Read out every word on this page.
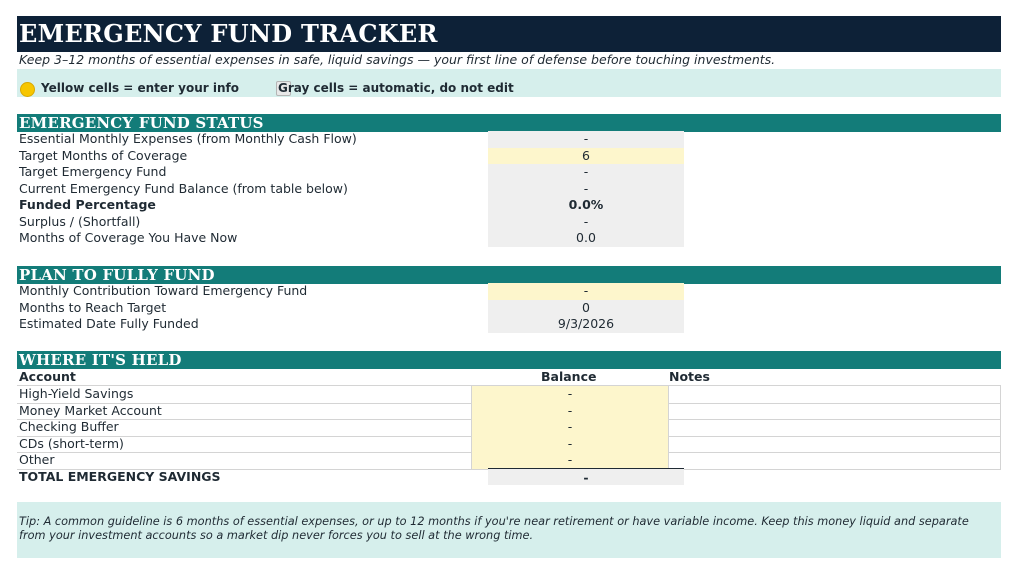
EMERGENCY FUND TRACKER
Keep 3–12 months of essential expenses in safe, liquid savings — your first line of defense before touching investments.
Yellow cells = enter your info	Gray cells = automatic, do not edit
EMERGENCY FUND STATUS
Essential Monthly Expenses (from Monthly Cash Flow)	-
Target Months of Coverage	6
Target Emergency Fund	-
Current Emergency Fund Balance (from table below)	-
Funded Percentage	0.0%
Surplus / (Shortfall)	-
Months of Coverage You Have Now	0.0
PLAN TO FULLY FUND
Monthly Contribution Toward Emergency Fund	-
Months to Reach Target	0
Estimated Date Fully Funded	9/3/2026
WHERE IT'S HELD
Account	Balance	Notes
High-Yield Savings	-
Money Market Account	-
Checking Buffer	-
CDs (short-term)	-
Other	-
TOTAL EMERGENCY SAVINGS	-

Tip: A common guideline is 6 months of essential expenses, or up to 12 months if you're near retirement or have variable income. Keep this money liquid and separate from your investment accounts so a market dip never forces you to sell at the wrong time.
